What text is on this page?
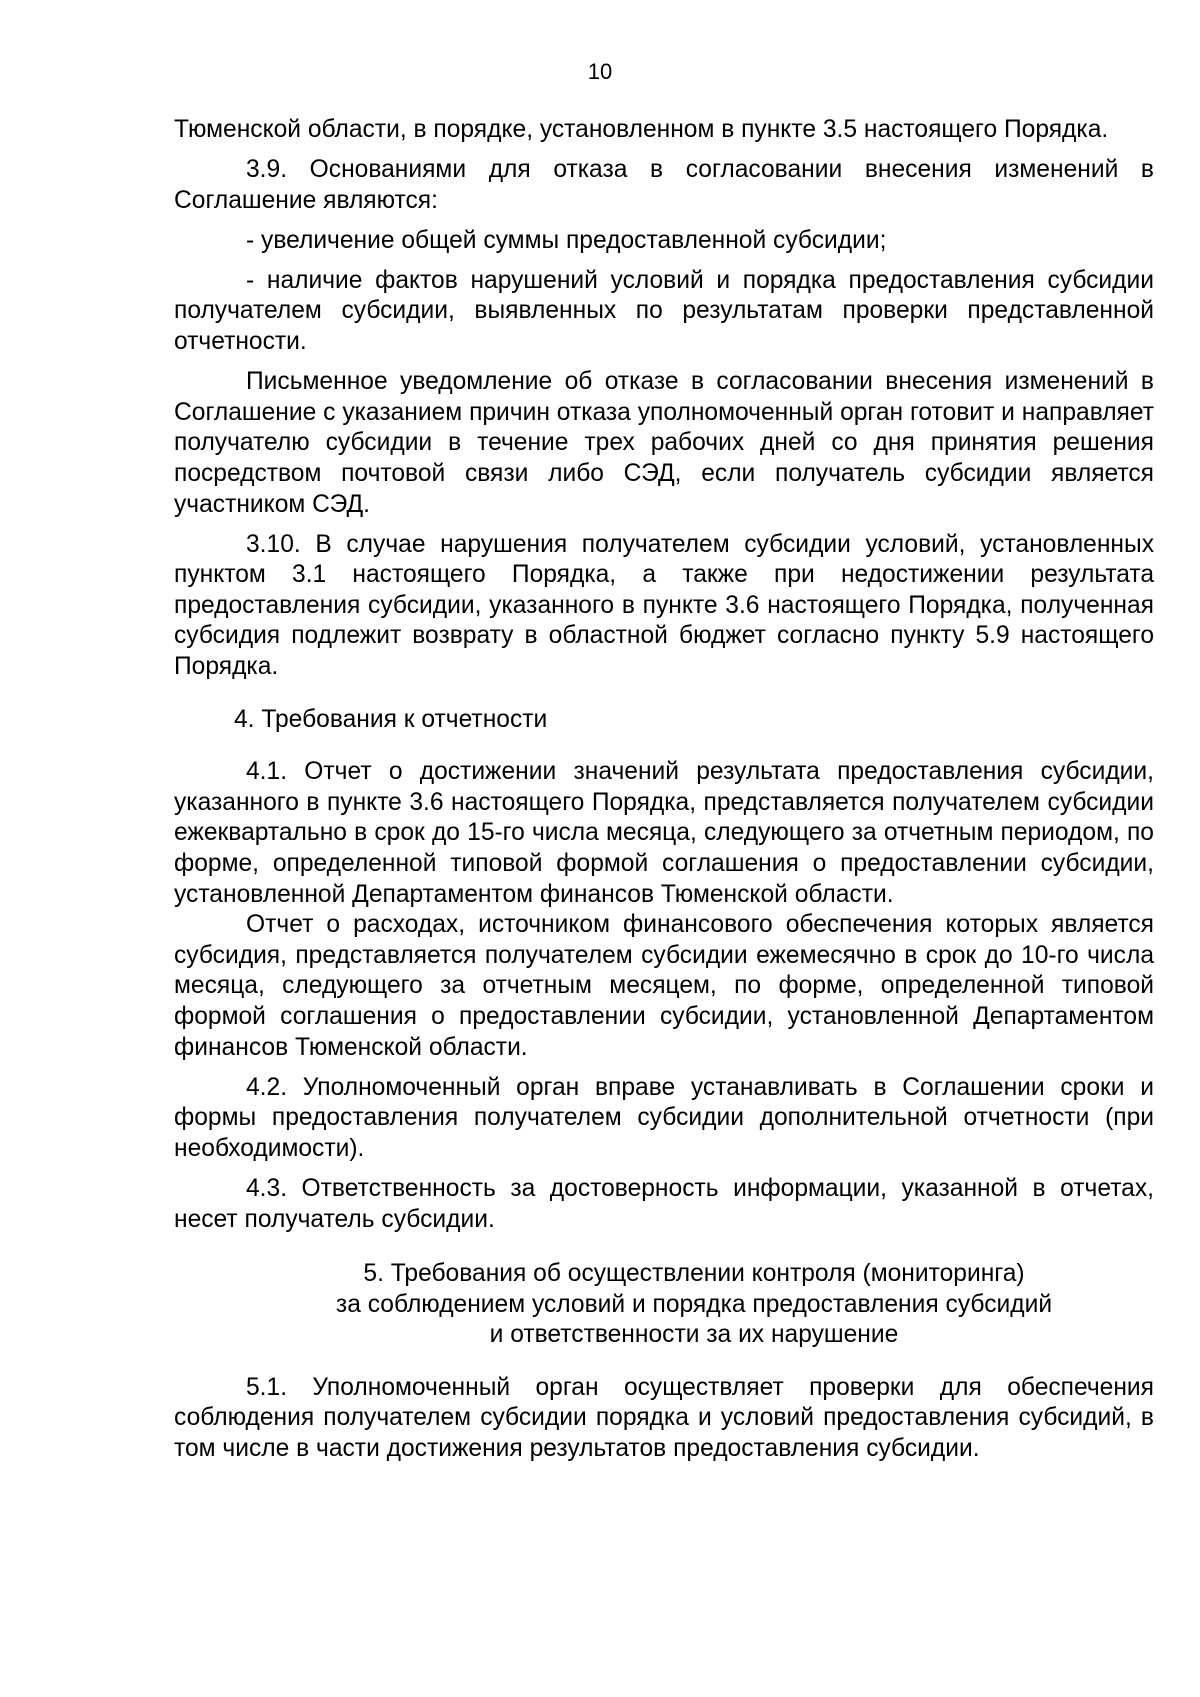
10

Тюменской области, в порядке, установленном в пункте 3.5 настоящего Порядка.

3.9. Основаниями для отказа в согласовании внесения изменений в Соглашение являются:

- увеличение общей суммы предоставленной субсидии;

- наличие фактов нарушений условий и порядка предоставления субсидии получателем субсидии, выявленных по результатам проверки представленной отчетности.

Письменное уведомление об отказе в согласовании внесения изменений в Соглашение с указанием причин отказа уполномоченный орган готовит и направляет получателю субсидии в течение трех рабочих дней со дня принятия решения посредством почтовой связи либо СЭД, если получатель субсидии является участником СЭД.

3.10. В случае нарушения получателем субсидии условий, установленных пунктом 3.1 настоящего Порядка, а также при недостижении результата предоставления субсидии, указанного в пункте 3.6 настоящего Порядка, полученная субсидия подлежит возврату в областной бюджет согласно пункту 5.9 настоящего Порядка.

4. Требования к отчетности

4.1. Отчет о достижении значений результата предоставления субсидии, указанного в пункте 3.6 настоящего Порядка, представляется получателем субсидии ежеквартально в срок до 15-го числа месяца, следующего за отчетным периодом, по форме, определенной типовой формой соглашения о предоставлении субсидии, установленной Департаментом финансов Тюменской области.

Отчет о расходах, источником финансового обеспечения которых является субсидия, представляется получателем субсидии ежемесячно в срок до 10-го числа месяца, следующего за отчетным месяцем, по форме, определенной типовой формой соглашения о предоставлении субсидии, установленной Департаментом финансов Тюменской области.

4.2. Уполномоченный орган вправе устанавливать в Соглашении сроки и формы предоставления получателем субсидии дополнительной отчетности (при необходимости).

4.3. Ответственность за достоверность информации, указанной в отчетах, несет получатель субсидии.

5. Требования об осуществлении контроля (мониторинга)
за соблюдением условий и порядка предоставления субсидий
и ответственности за их нарушение

5.1. Уполномоченный орган осуществляет проверки для обеспечения соблюдения получателем субсидии порядка и условий предоставления субсидий, в том числе в части достижения результатов предоставления субсидии.
